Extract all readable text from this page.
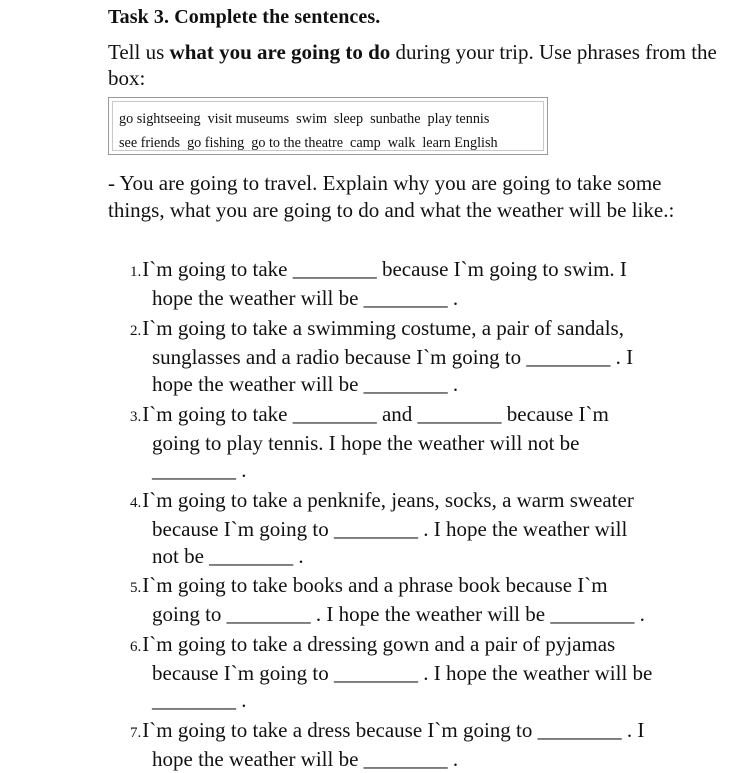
Task 3. Complete the sentences.
Tell us what you are going to do during your trip. Use phrases from the box:
go sightseeing visit museums swim sleep sunbathe play tennis
see friends go fishing go to the theatre camp walk learn English
- You are going to travel. Explain why you are going to take some things, what you are going to do and what the weather will be like.:
1.I`m going to take ________ because I`m going to swim. I
hope the weather will be ________ .
2.I`m going to take a swimming costume, a pair of sandals,
sunglasses and a radio because I`m going to ________ . I
hope the weather will be ________ .
3.I`m going to take ________ and ________ because I`m
going to play tennis. I hope the weather will not be
________ .
4.I`m going to take a penknife, jeans, socks, a warm sweater
because I`m going to ________ . I hope the weather will
not be ________ .
5.I`m going to take books and a phrase book because I`m
going to ________ . I hope the weather will be ________ .
6.I`m going to take a dressing gown and a pair of pyjamas
because I`m going to ________ . I hope the weather will be
________ .
7.I`m going to take a dress because I`m going to ________ . I
hope the weather will be ________ .
